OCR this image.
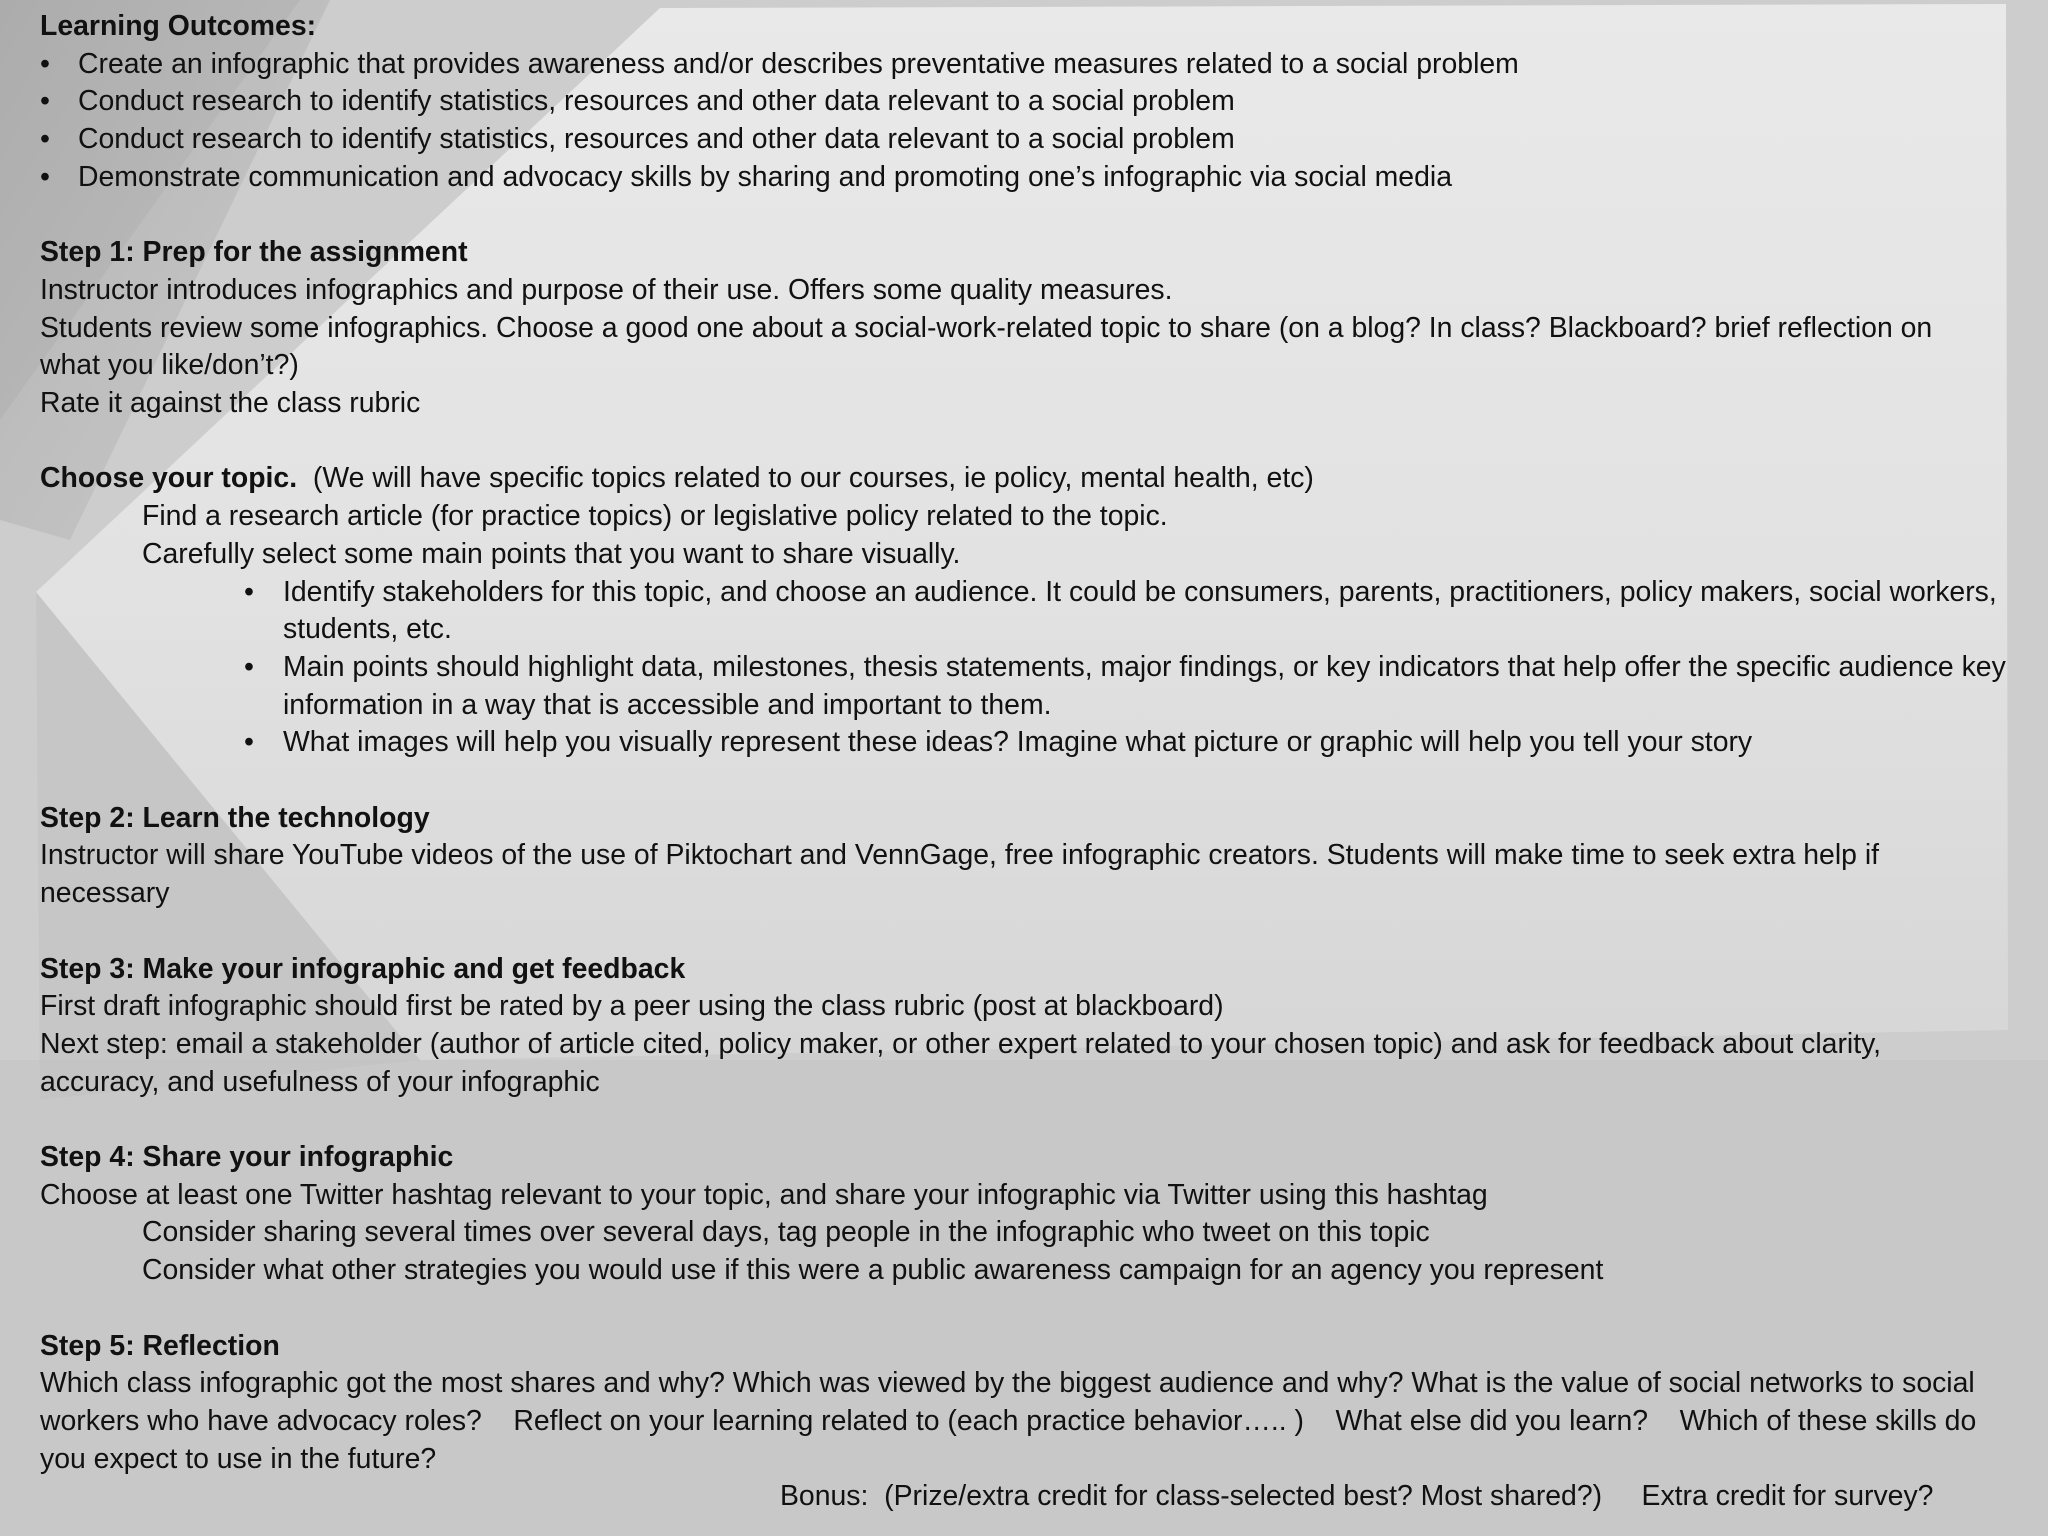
Learning Outcomes:
• Create an infographic that provides awareness and/or describes preventative measures related to a social problem
• Conduct research to identify statistics, resources and other data relevant to a social problem
• Conduct research to identify statistics, resources and other data relevant to a social problem
• Demonstrate communication and advocacy skills by sharing and promoting one’s infographic via social media
Step 1: Prep for the assignment
Instructor introduces infographics and purpose of their use. Offers some quality measures.
Students review some infographics. Choose a good one about a social-work-related topic to share (on a blog? In class? Blackboard? brief reflection on what you like/don’t?)
Rate it against the class rubric
Choose your topic.  (We will have specific topics related to our courses, ie policy, mental health, etc)
Find a research article (for practice topics) or legislative policy related to the topic.
Carefully select some main points that you want to share visually.
•	Identify stakeholders for this topic, and choose an audience. It could be consumers, parents, practitioners, policy makers, social workers, students, etc.
•	Main points should highlight data, milestones, thesis statements, major findings, or key indicators that help offer the specific audience key information in a way that is accessible and important to them.
•	What images will help you visually represent these ideas? Imagine what picture or graphic will help you tell your story
Step 2: Learn the technology
Instructor will share YouTube videos of the use of Piktochart and VennGage, free infographic creators. Students will make time to seek extra help if necessary
Step 3: Make your infographic and get feedback
First draft infographic should first be rated by a peer using the class rubric (post at blackboard)
Next step: email a stakeholder (author of article cited, policy maker, or other expert related to your chosen topic) and ask for feedback about clarity, accuracy, and usefulness of your infographic
Step 4: Share your infographic
Choose at least one Twitter hashtag relevant to your topic, and share your infographic via Twitter using this hashtag
Consider sharing several times over several days, tag people in the infographic who tweet on this topic
Consider what other strategies you would use if this were a public awareness campaign for an agency you represent
Step 5: Reflection
Which class infographic got the most shares and why? Which was viewed by the biggest audience and why? What is the value of social networks to social workers who have advocacy roles?    Reflect on your learning related to (each practice behavior….. )    What else did you learn?    Which of these skills do you expect to use in the future?
Bonus:  (Prize/extra credit for class-selected best? Most shared?)     Extra credit for survey?
